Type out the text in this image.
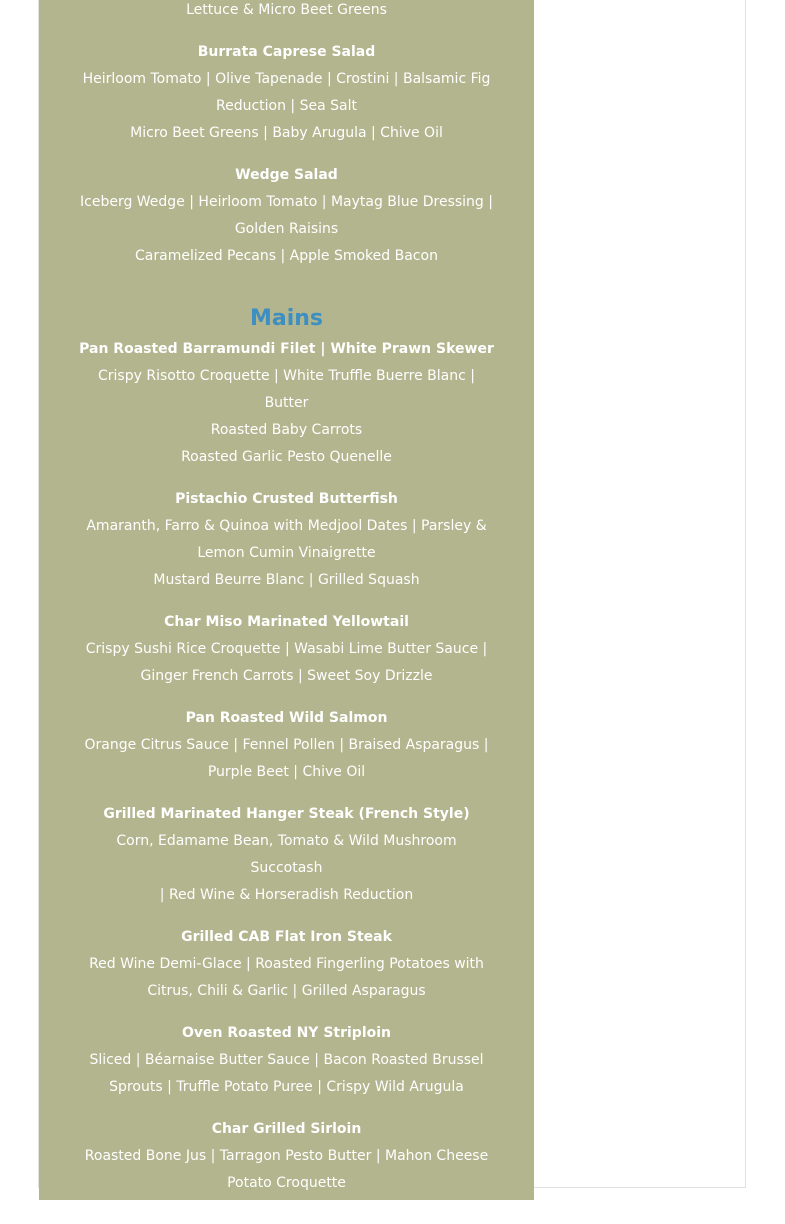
Lettuce & Micro Beet Greens

Burrata Caprese Salad

Heirloom Tomato | Olive Tapenade | Crostini | Balsamic Fig

Reduction | Sea Salt

Micro Beet Greens | Baby Arugula | Chive Oil

Wedge Salad

Iceberg Wedge | Heirloom Tomato | Maytag Blue Dressing |

Golden Raisins

Caramelized Pecans | Apple Smoked Bacon

Mains

Pan Roasted Barramundi Filet | White Prawn Skewer

Crispy Risotto Croquette | White Truffle Buerre Blanc | Butter

Roasted Baby Carrots

Roasted Garlic Pesto Quenelle

Pistachio Crusted Butterfish

Amaranth, Farro & Quinoa with Medjool Dates | Parsley &

Lemon Cumin Vinaigrette

Mustard Beurre Blanc | Grilled Squash

Char Miso Marinated Yellowtail

Crispy Sushi Rice Croquette | Wasabi Lime Butter Sauce |

Ginger French Carrots | Sweet Soy Drizzle

Pan Roasted Wild Salmon

Orange Citrus Sauce | Fennel Pollen | Braised Asparagus |

Purple Beet | Chive Oil

Grilled Marinated Hanger Steak (French Style)

Corn, Edamame Bean, Tomato & Wild Mushroom Succotash

| Red Wine & Horseradish Reduction

Grilled CAB Flat Iron Steak

Red Wine Demi-Glace | Roasted Fingerling Potatoes with

Citrus, Chili & Garlic | Grilled Asparagus

Oven Roasted NY Striploin

Sliced | Béarnaise Butter Sauce | Bacon Roasted Brussel

Sprouts | Truffle Potato Puree | Crispy Wild Arugula

Char Grilled Sirloin

Roasted Bone Jus | Tarragon Pesto Butter | Mahon Cheese

Potato Croquette

Farmers Market Vegetables | Wild Petite Arugula
